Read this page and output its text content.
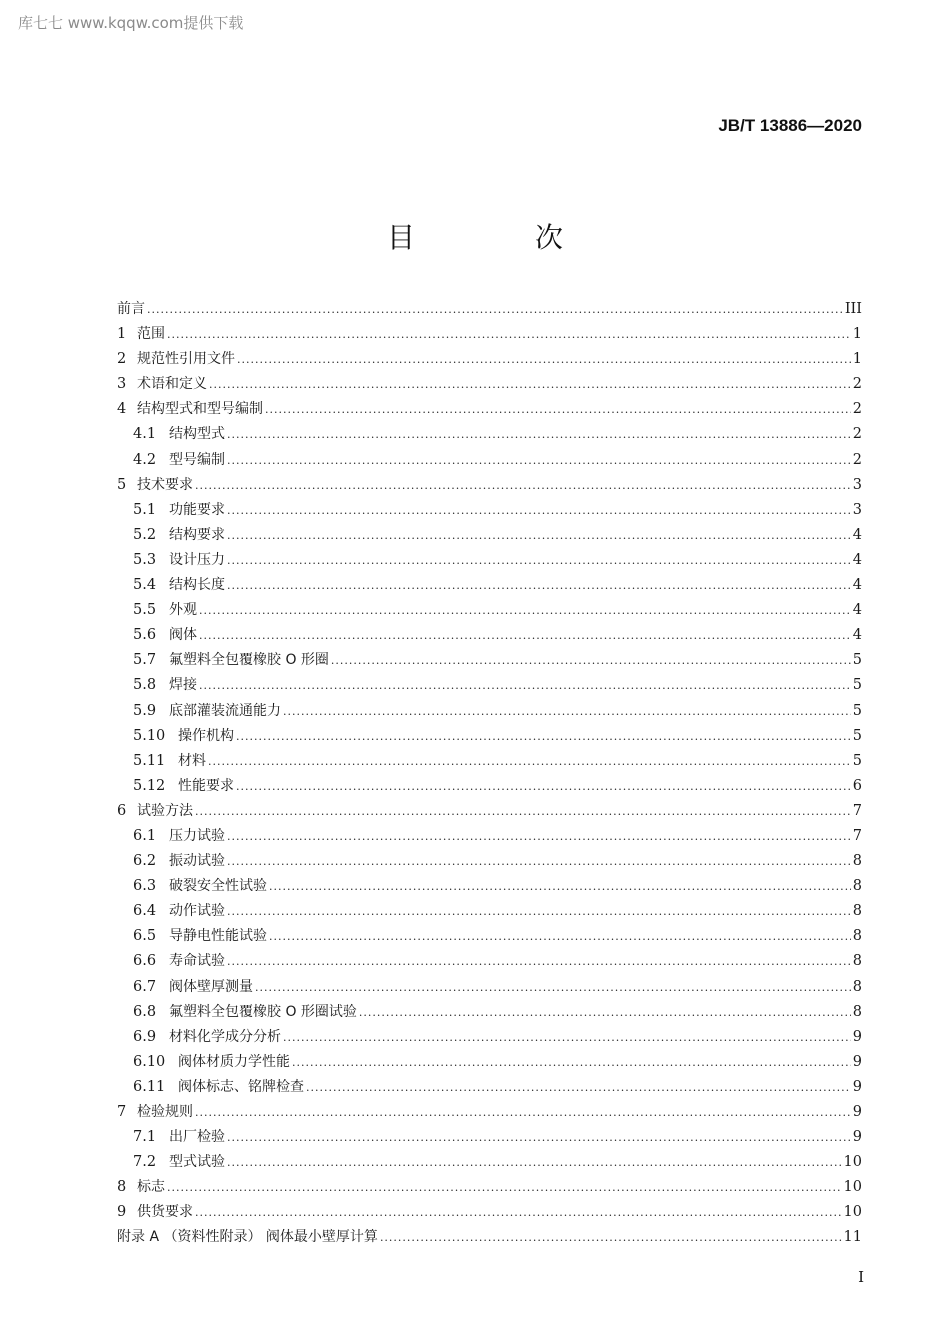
库七七 www.kqqw.com提供下载
JB/T 13886—2020
目　次
前言 .....	III
1 范围 .....	1
2 规范性引用文件 .....	1
3 术语和定义 .....	2
4 结构型式和型号编制 .....	2
4.1 结构型式 .....	2
4.2 型号编制 .....	2
5 技术要求 .....	3
5.1 功能要求 .....	3
5.2 结构要求 .....	4
5.3 设计压力 .....	4
5.4 结构长度 .....	4
5.5 外观 .....	4
5.6 阀体 .....	4
5.7 氟塑料全包覆橡胶 O 形圈 .....	5
5.8 焊接 .....	5
5.9 底部灌装流通能力 .....	5
5.10 操作机构 .....	5
5.11 材料 .....	5
5.12 性能要求 .....	6
6 试验方法 .....	7
6.1 压力试验 .....	7
6.2 振动试验 .....	8
6.3 破裂安全性试验 .....	8
6.4 动作试验 .....	8
6.5 导静电性能试验 .....	8
6.6 寿命试验 .....	8
6.7 阀体壁厚测量 .....	8
6.8 氟塑料全包覆橡胶 O 形圈试验 .....	8
6.9 材料化学成分分析 .....	9
6.10 阀体材质力学性能 .....	9
6.11 阀体标志、铭牌检查 .....	9
7 检验规则 .....	9
7.1 出厂检验 .....	9
7.2 型式试验 .....	10
8 标志 .....	10
9 供货要求 .....	10
附录 A （资料性附录） 阀体最小壁厚计算 .....	11
I
